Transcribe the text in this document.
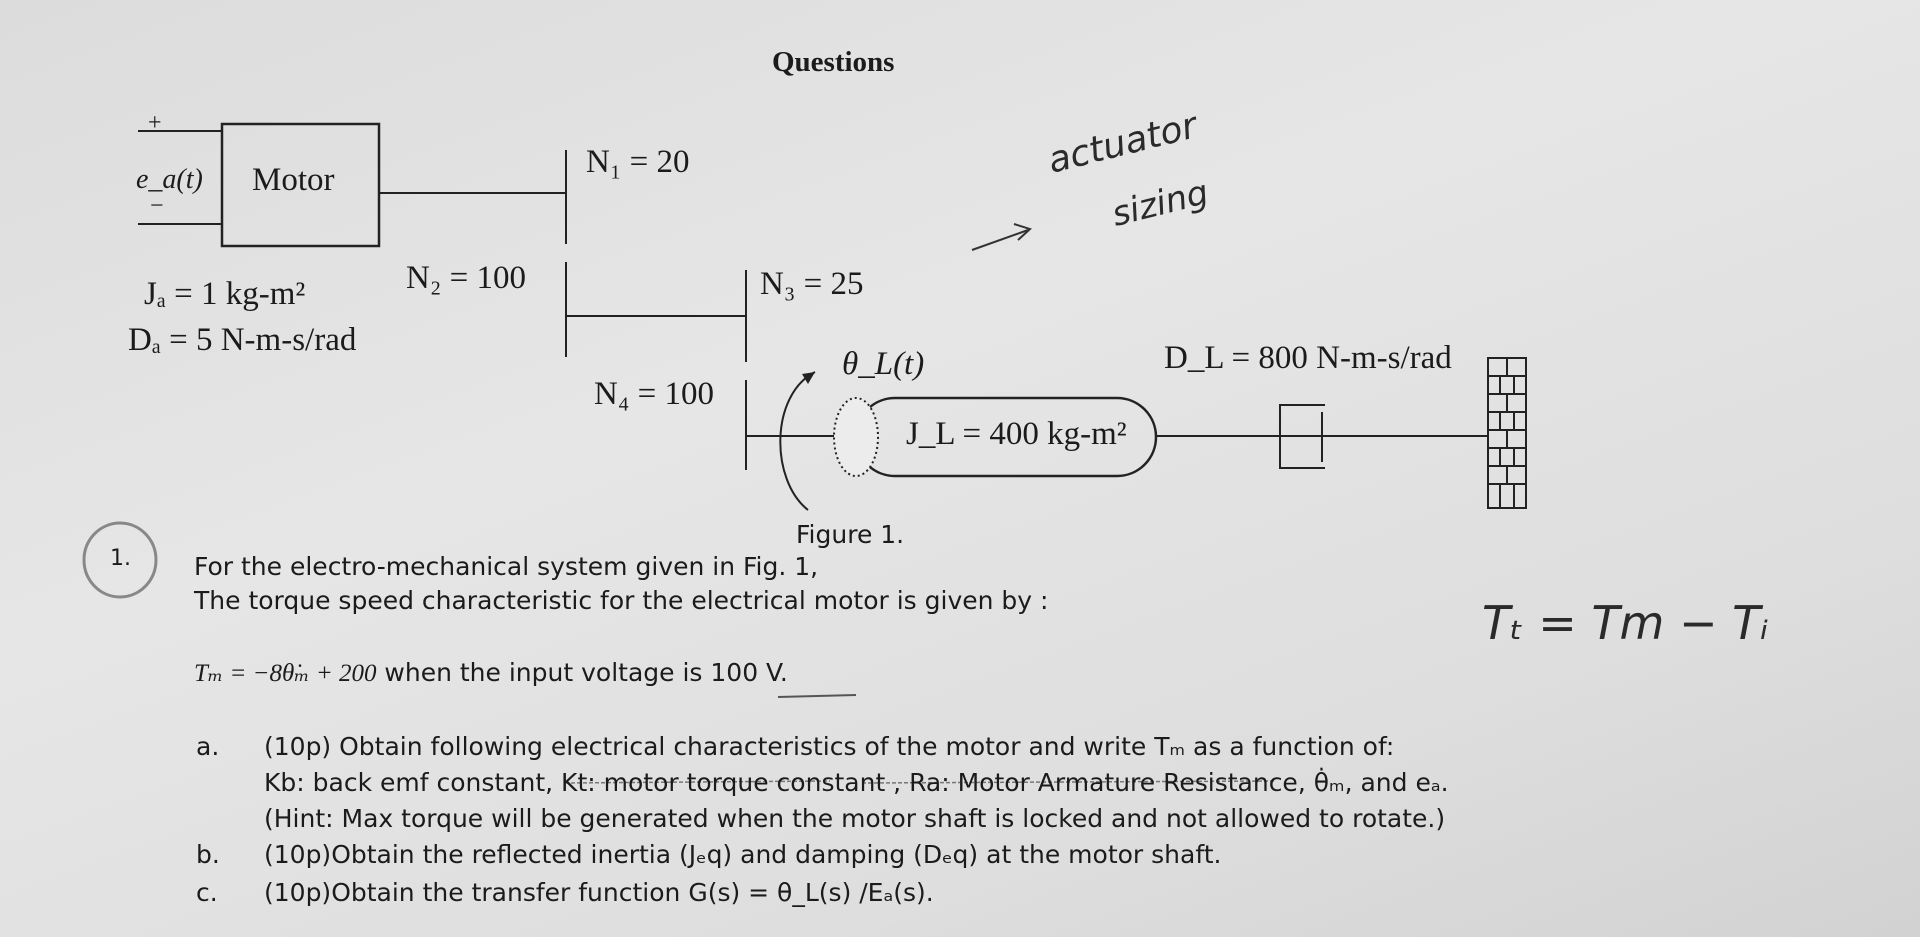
Questions
+
e_a(t)
−
Motor	N₁ = 20
N₂ = 100	N₃ = 25
N₄ = 100
Jₐ = 1 kg-m²
Dₐ = 5 N-m-s/rad
θ_L(t)
J_L = 400 kg-m²
D_L = 800 N-m-s/rad
Figure 1.
actuator
sizing
Tₜ = Tm − Tᵢ
1.	For the electro-mechanical system given in Fig. 1,
The torque speed characteristic for the electrical motor is given by :
Tₘ = −8θ̇ₘ + 200 when the input voltage is 100 V.
a. (10p) Obtain following electrical characteristics of the motor and write Tₘ as a function of:
Kb: back emf constant, Kt: motor torque constant , Ra: Motor Armature Resistance, θ̇ₘ, and eₐ.
(Hint: Max torque will be generated when the motor shaft is locked and not allowed to rotate.)
b. (10p)Obtain the reflected inertia (Jₑq) and damping (Dₑq) at the motor shaft.
c. (10p)Obtain the transfer function G(s) = θ_L(s) /Eₐ(s).
